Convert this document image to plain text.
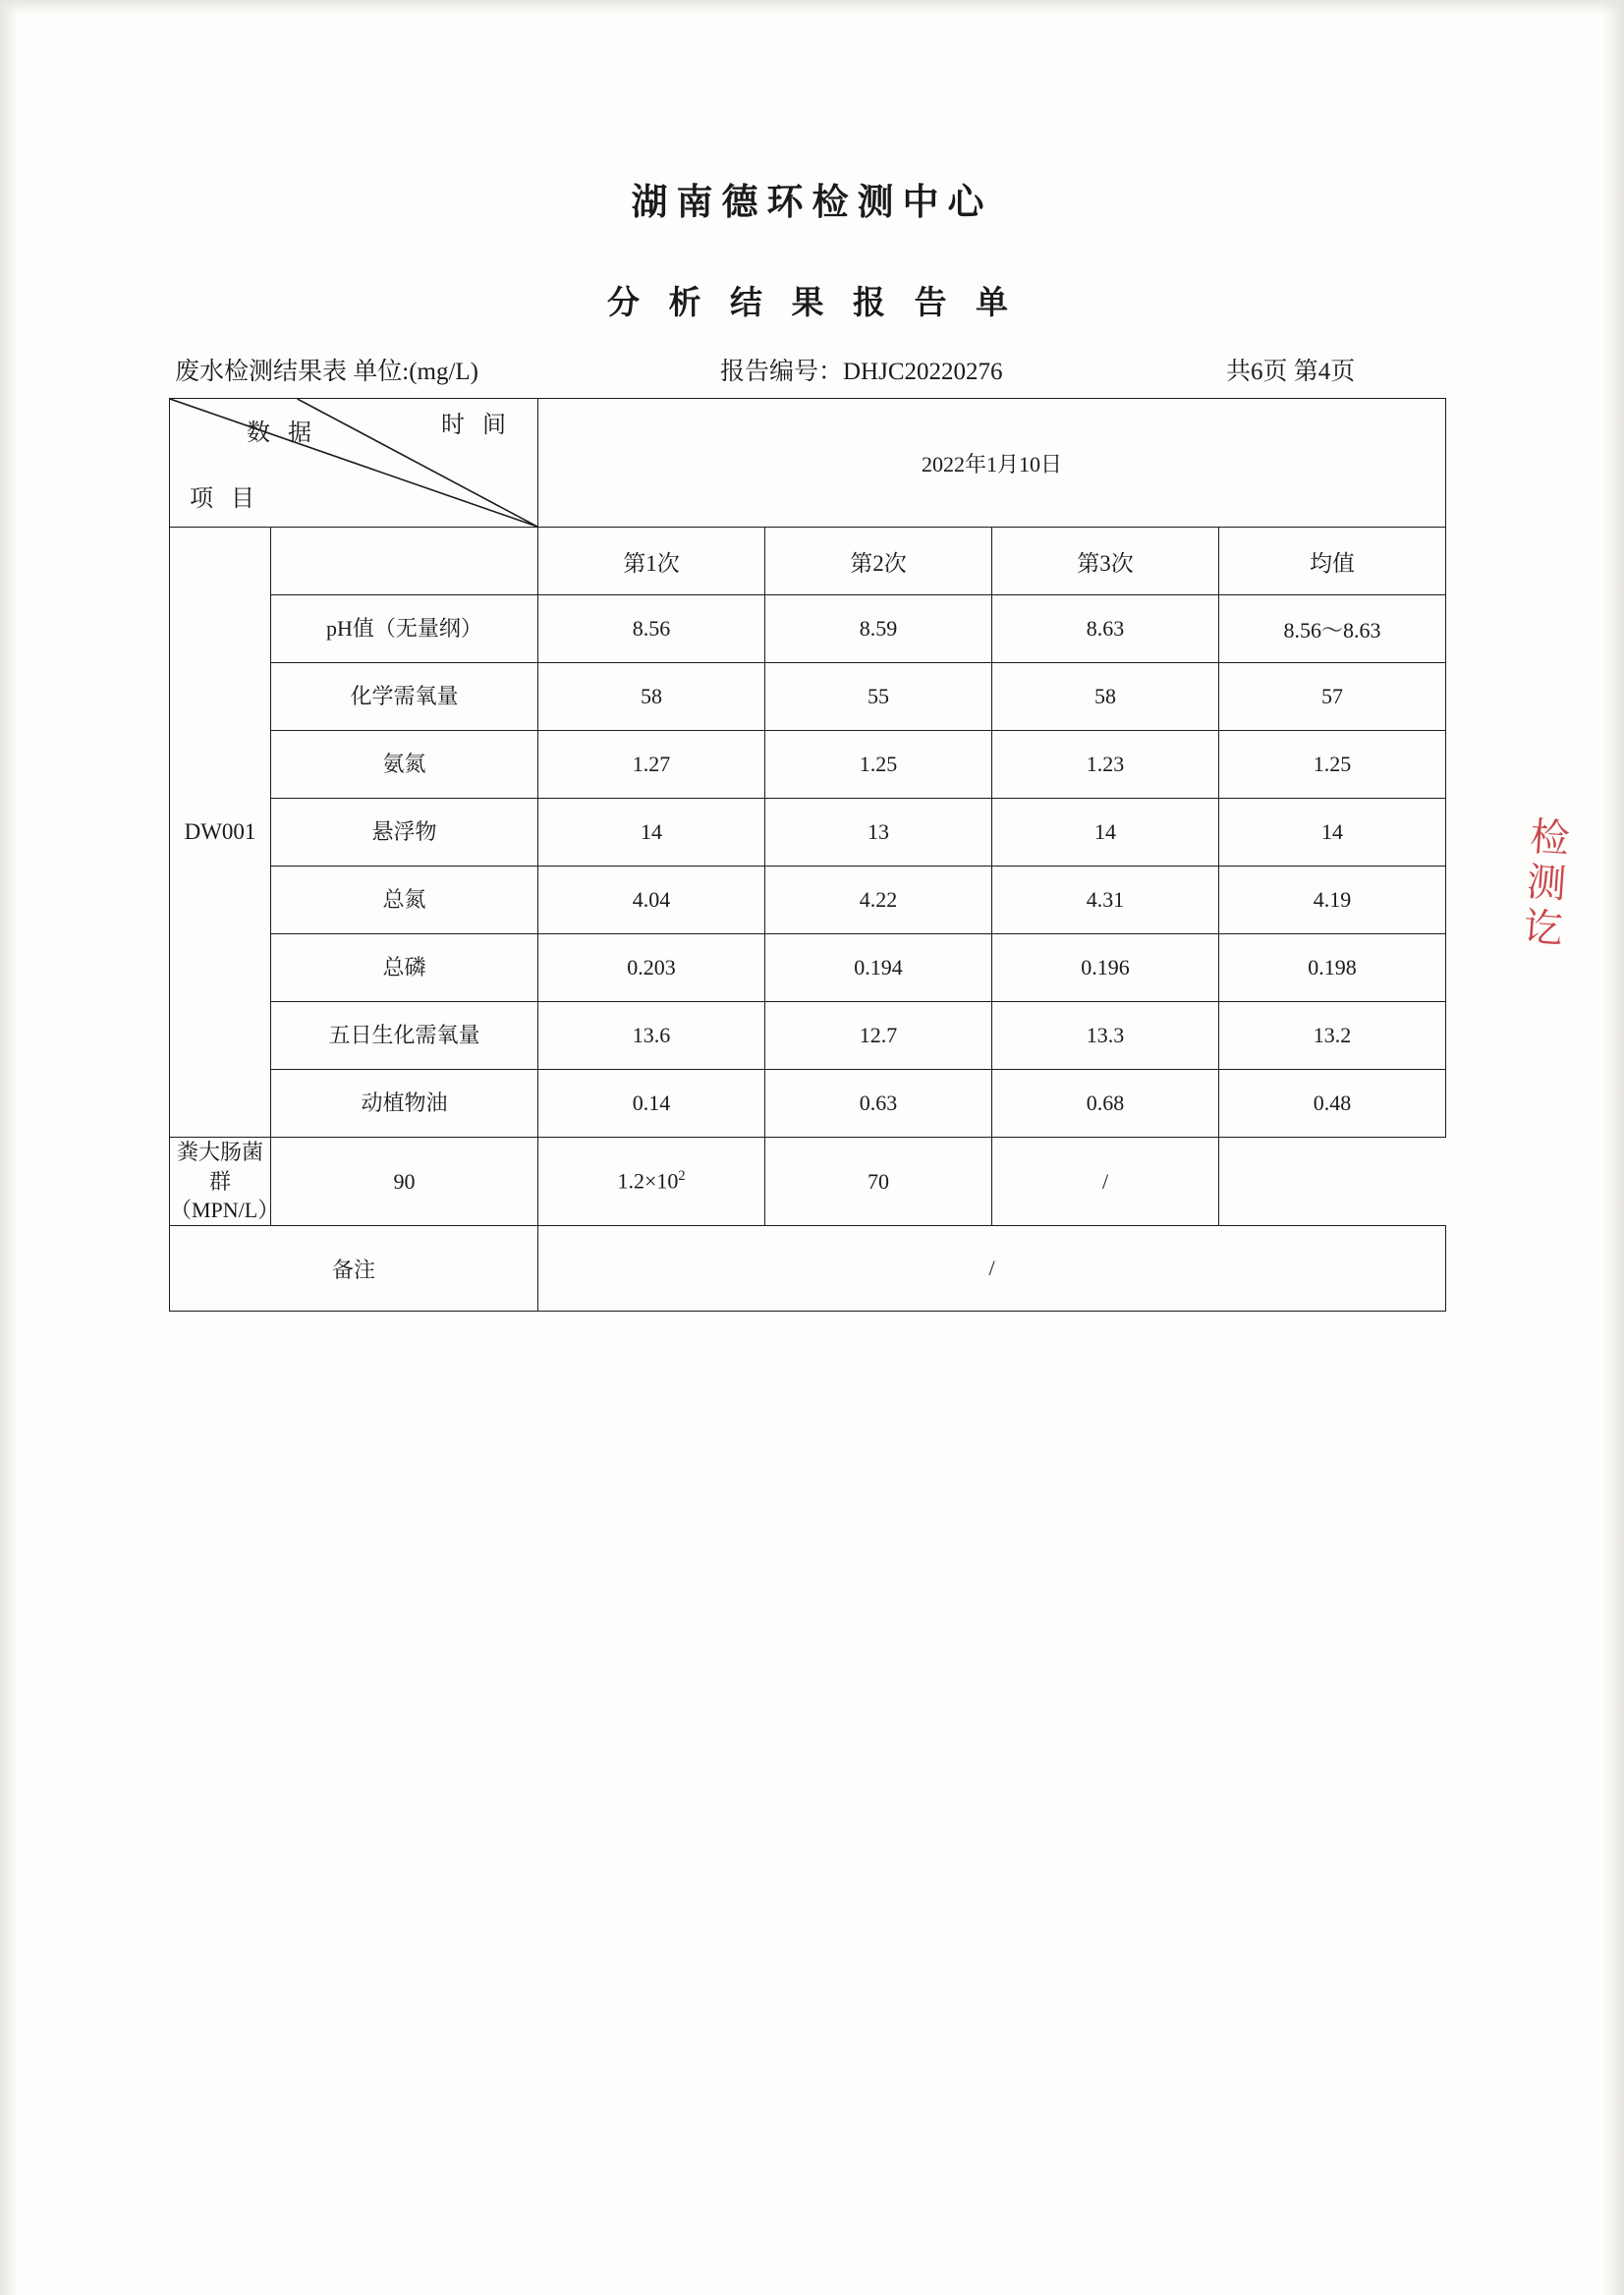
湖南德环检测中心
分 析 结 果 报 告 单
废水检测结果表 单位:(mg/L)	报告编号：DHJC20220276	共6页 第4页
数 据 时 间
项 目		2022年1月10日			
DW001		第1次	第2次	第3次	均值
	pH值（无量纲）	8.56	8.59	8.63	8.56～8.63
	化学需氧量	58	55	58	57
	氨氮	1.27	1.25	1.23	1.25
	悬浮物	14	13	14	14
	总氮	4.04	4.22	4.31	4.19
	总磷	0.203	0.194	0.196	0.198
	五日生化需氧量	13.6	12.7	13.3	13.2
	动植物油	0.14	0.63	0.68	0.48

粪大肠菌群
（MPN/L）	90	$1.2\times 10^2$	70	/	
备注		/			
检
测
讫
